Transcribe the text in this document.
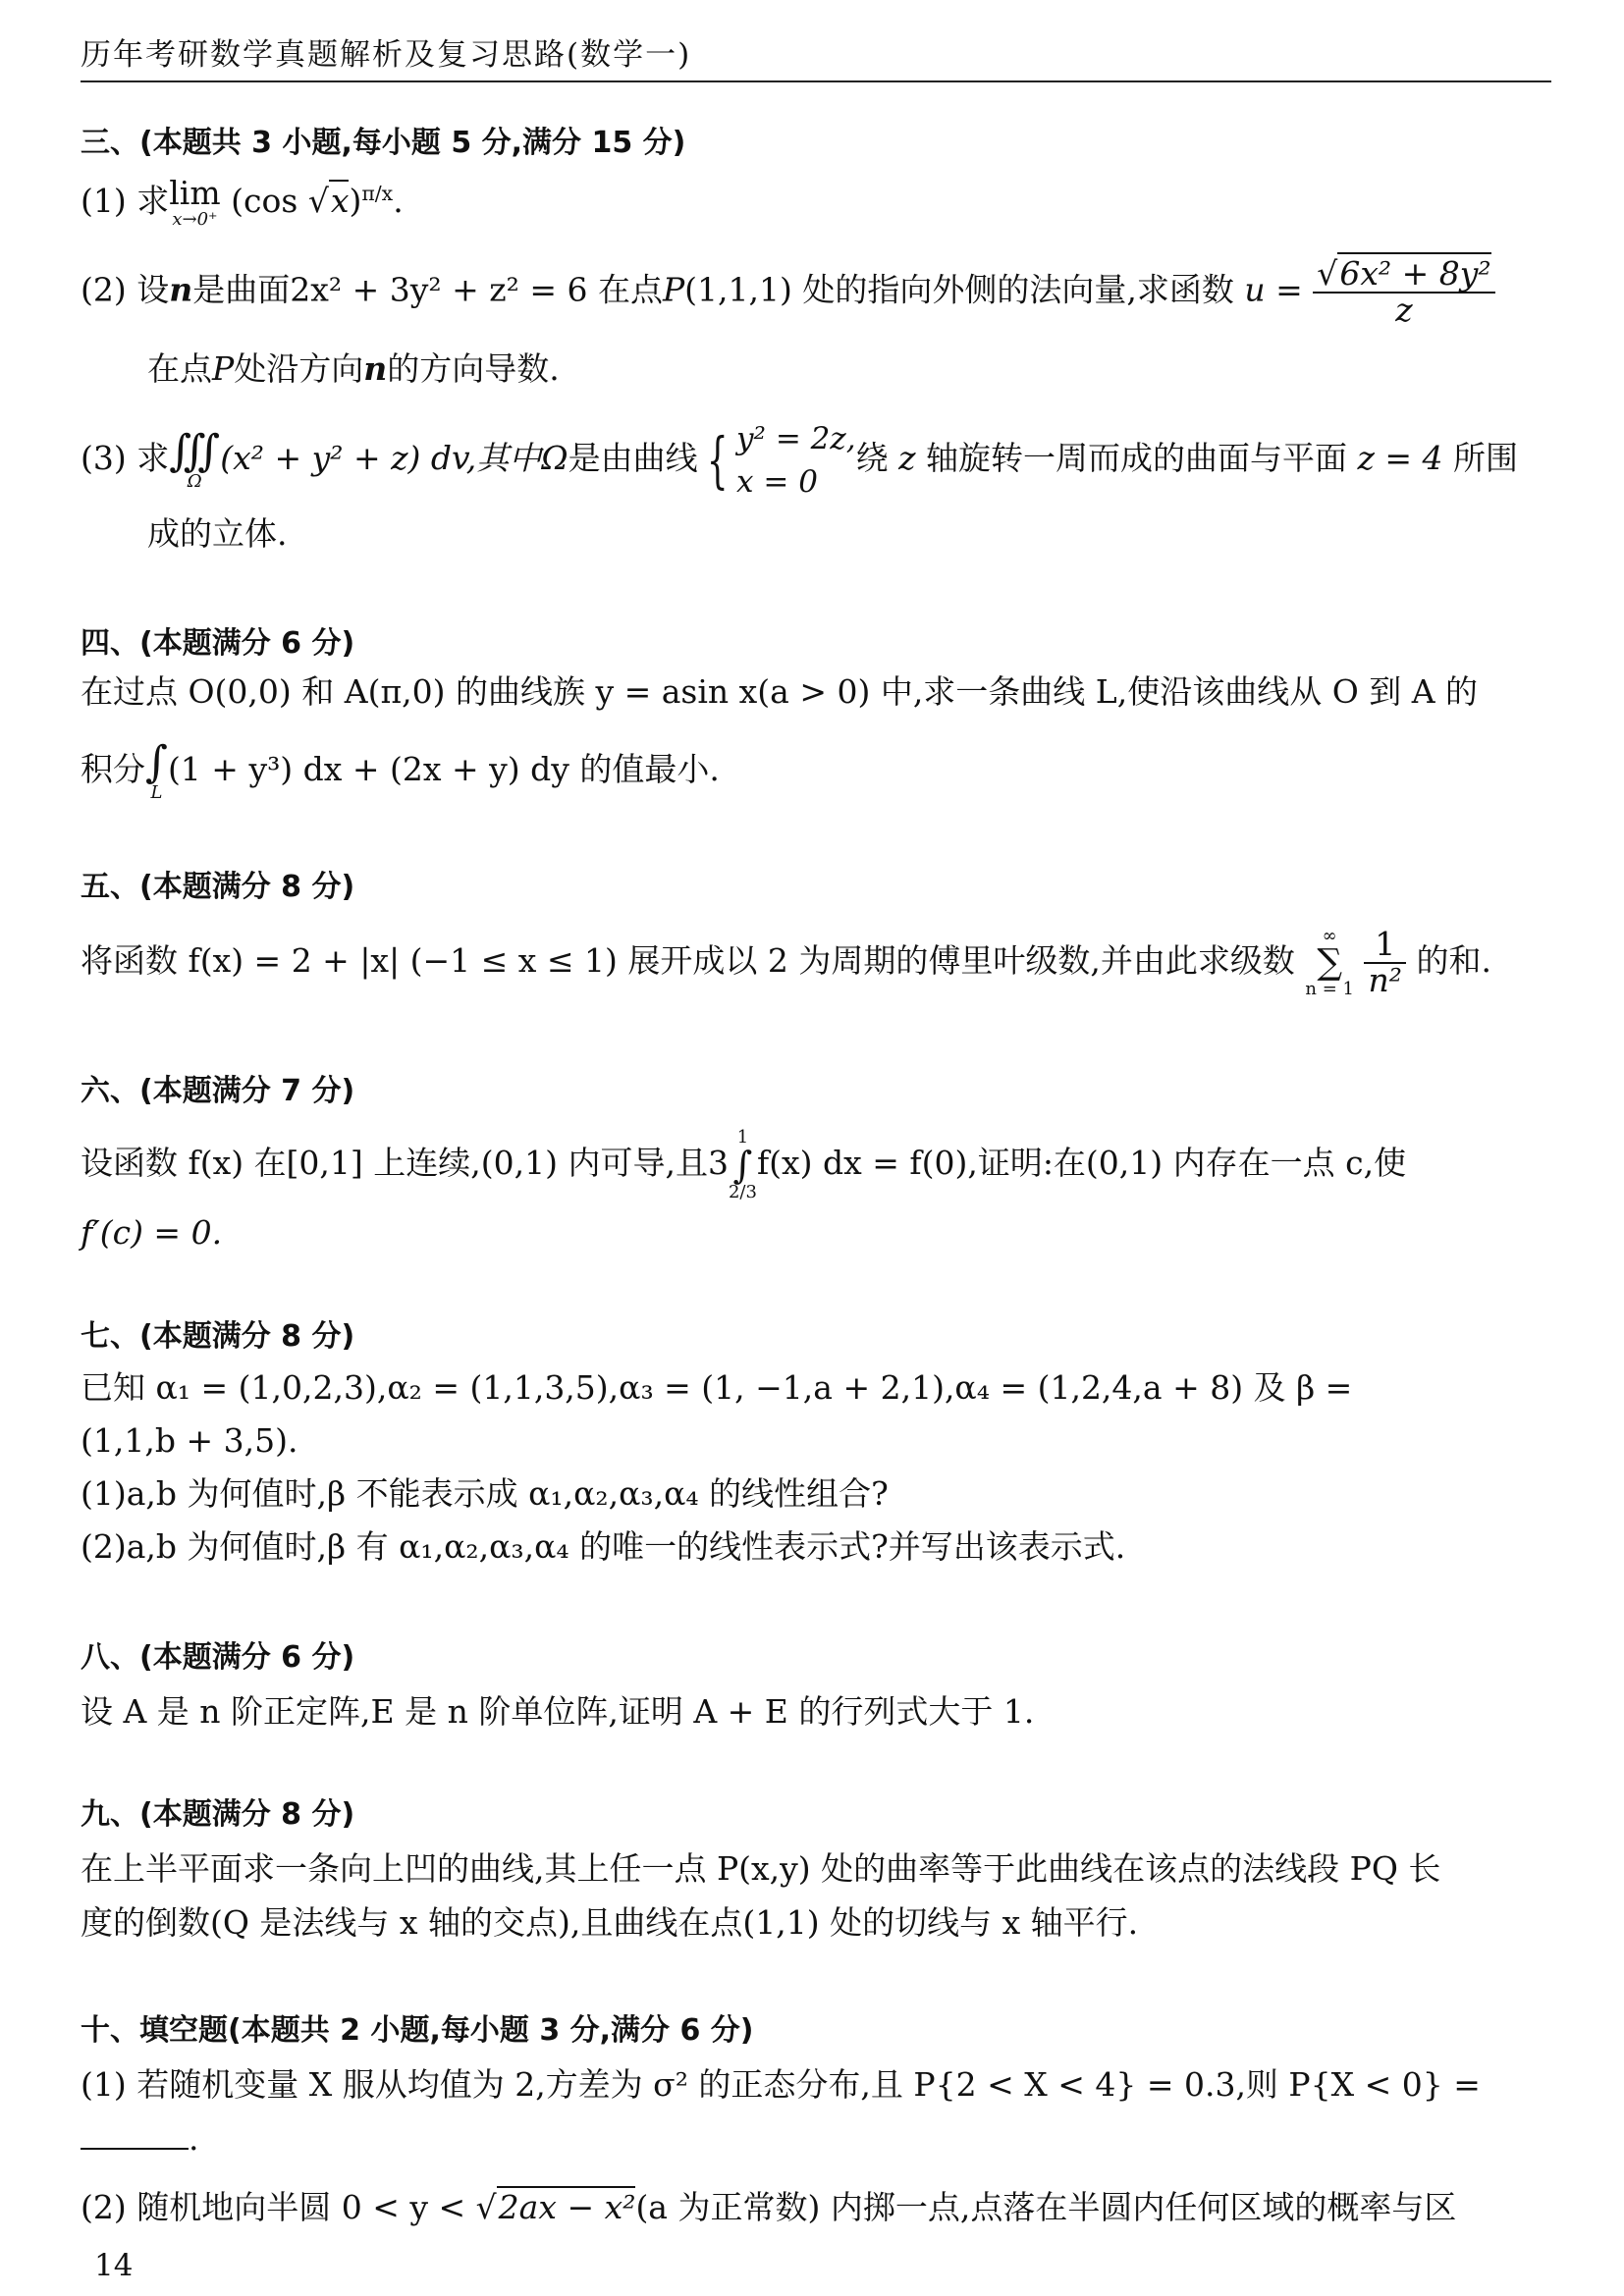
历年考研数学真题解析及复习思路(数学一)
三、(本题共 3 小题,每小题 5 分,满分 15 分)
(1) 求lim
x→0⁺ (cos √x)$^{\pi/x}$.
(2) 设n是曲面2x² + 3y² + z² = 6 在点P(1,1,1) 处的指向外侧的法向量,求函数 $u = \frac{\text{√6x² + 8y²}}{z}$
在点P处沿方向n的方向导数.
(3) 求 ∭
Ω
(x² + y² + z) dv,其中Ω是由曲线 { y² = 2z,
x = 0
绕 z 轴旋转一周而成的曲面与平面 z = 4 所围
成的立体.
四、(本题满分 6 分)
在过点 O(0,0) 和 A(π,0) 的曲线族 y = asin x(a > 0) 中,求一条曲线 L,使沿该曲线从 O 到 A 的
积分 ∫
L
(1 + y³) dx + (2x + y) dy 的值最小.
五、(本题满分 8 分)
将函数 f(x) = 2 + |x| (−1 ≤ x ≤ 1) 展开成以 2 为周期的傅里叶级数,并由此求级数
∞
∑
n = 1
$\frac{1}{\text{n²}}$ 的和.
六、(本题满分 7 分)
设函数 f(x) 在[0,1] 上连续,(0,1) 内可导,且3
1
∫
2/3
f(x) dx = f(0),证明:在(0,1) 内存在一点 c,使
f′(c) = 0.
七、(本题满分 8 分)
已知 α₁ = (1,0,2,3),α₂ = (1,1,3,5),α₃ = (1, −1,a + 2,1),α₄ = (1,2,4,a + 8) 及 β =
(1,1,b + 3,5).
(1)a,b 为何值时,β 不能表示成 α₁,α₂,α₃,α₄ 的线性组合?
(2)a,b 为何值时,β 有 α₁,α₂,α₃,α₄ 的唯一的线性表示式?并写出该表示式.
八、(本题满分 6 分)
设 A 是 n 阶正定阵,E 是 n 阶单位阵,证明 A + E 的行列式大于 1.
九、(本题满分 8 分)
在上半平面求一条向上凹的曲线,其上任一点 P(x,y) 处的曲率等于此曲线在该点的法线段 PQ 长
度的倒数(Q 是法线与 x 轴的交点),且曲线在点(1,1) 处的切线与 x 轴平行.
十、填空题(本题共 2 小题,每小题 3 分,满分 6 分)
(1) 若随机变量 X 服从均值为 2,方差为 σ² 的正态分布,且 P{2 < X < 4} = 0.3,则 P{X < 0} =
.
(2) 随机地向半圆 0 < y < √2ax − x²(a 为正常数) 内掷一点,点落在半圆内任何区域的概率与区
14
